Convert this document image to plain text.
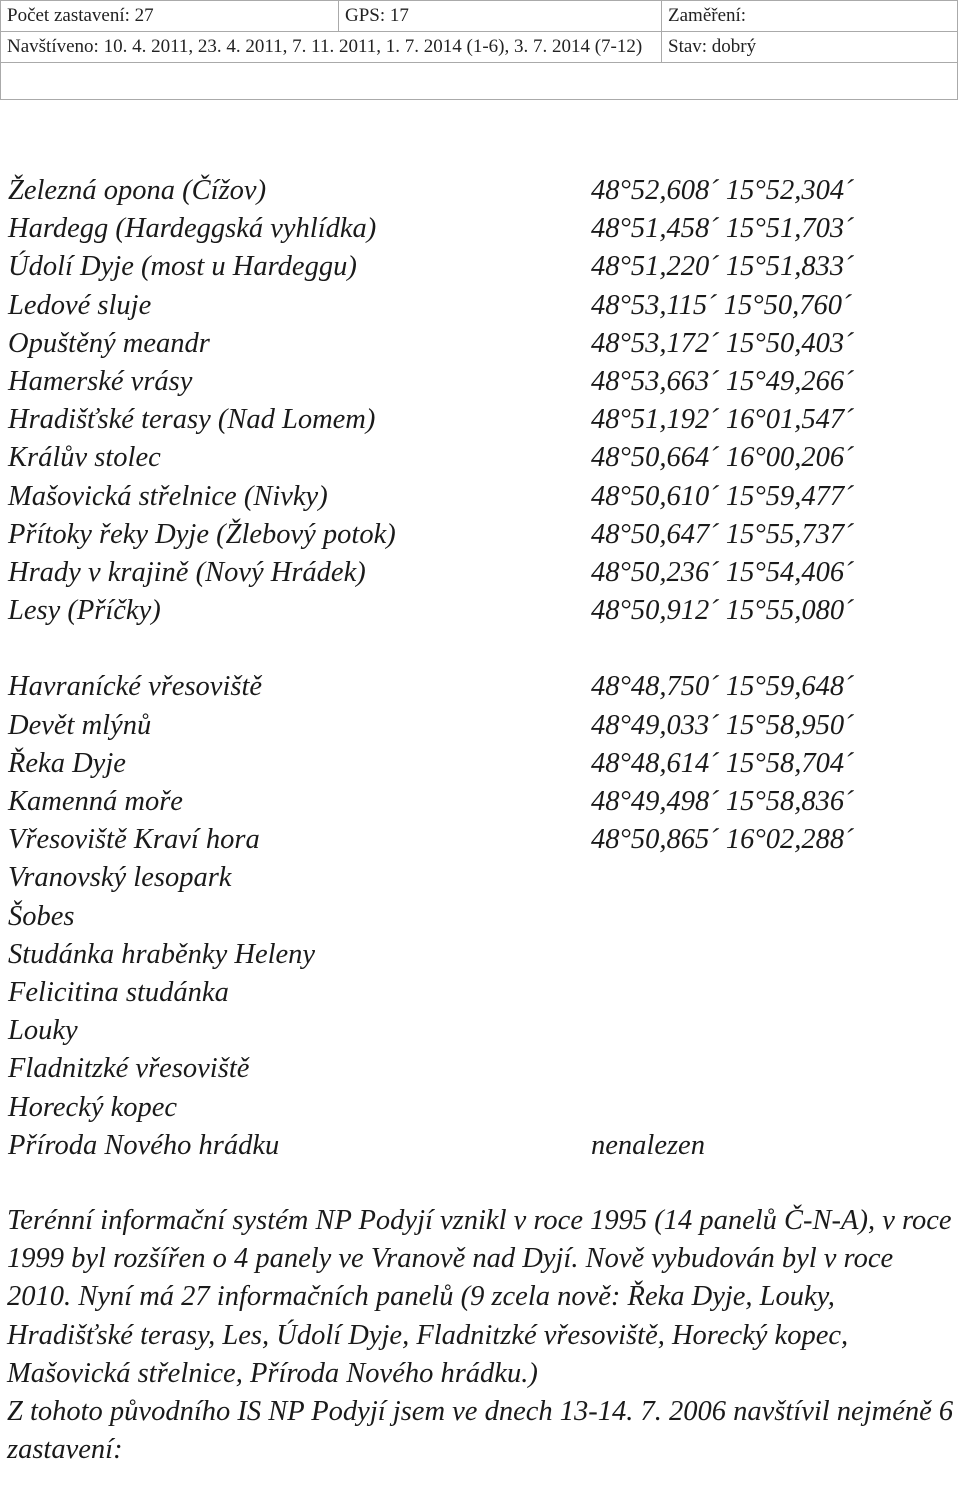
Počet zastavení: 27	GPS: 17	Zaměření:
Navštíveno: 10. 4. 2011, 23. 4. 2011, 7. 11. 2011, 1. 7. 2014 (1-6), 3. 7. 2014 (7-12)		Stav: dobrý

Železná opona (Čížov)	48°52,608´ 15°52,304´
Hardegg (Hardeggská vyhlídka)	48°51,458´ 15°51,703´
Údolí Dyje (most u Hardeggu)	48°51,220´ 15°51,833´
Ledové sluje	48°53,115´ 15°50,760´
Opuštěný meandr	48°53,172´ 15°50,403´
Hamerské vrásy	48°53,663´ 15°49,266´
Hradišťské terasy (Nad Lomem)	48°51,192´ 16°01,547´
Králův stolec	48°50,664´ 16°00,206´
Mašovická střelnice (Nivky)	48°50,610´ 15°59,477´
Přítoky řeky Dyje (Žlebový potok)	48°50,647´ 15°55,737´
Hrady v krajině (Nový Hrádek)	48°50,236´ 15°54,406´
Lesy (Příčky)	48°50,912´ 15°55,080´
Havranícké vřesoviště	48°48,750´ 15°59,648´
Devět mlýnů	48°49,033´ 15°58,950´
Řeka Dyje	48°48,614´ 15°58,704´
Kamenná moře	48°49,498´ 15°58,836´
Vřesoviště Kraví hora	48°50,865´ 16°02,288´
Vranovský lesopark
Šobes
Studánka hraběnky Heleny
Felicitina studánka
Louky
Fladnitzké vřesoviště
Horecký kopec
Příroda Nového hrádku	nenalezen

Terénní informační systém NP Podyjí vznikl v roce 1995 (14 panelů Č-N-A), v roce 1999 byl rozšířen o 4 panely ve Vranově nad Dyjí. Nově vybudován byl v roce 2010. Nyní má 27 informačních panelů (9 zcela nově: Řeka Dyje, Louky, Hradišťské terasy, Les, Údolí Dyje, Fladnitzké vřesoviště, Horecký kopec, Mašovická střelnice, Příroda Nového hrádku.)

Z tohoto původního IS NP Podyjí jsem ve dnech 13-14. 7. 2006 navštívil nejméně 6 zastavení:
